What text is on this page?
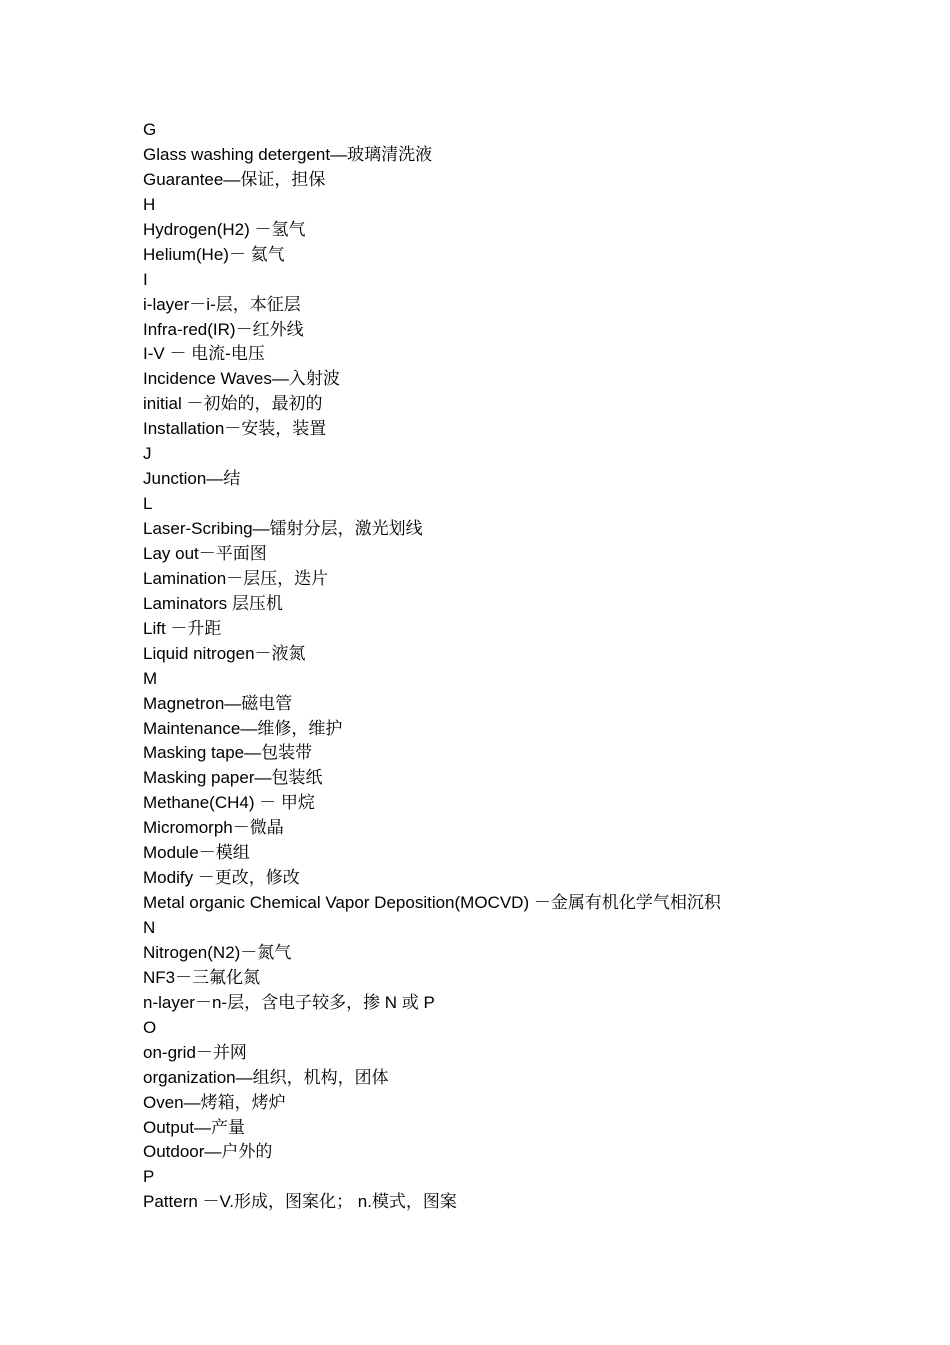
G
Glass washing detergent—玻璃清洗液
Guarantee—保证，担保
H
Hydrogen(H2) －氢气
Helium(He)－ 氦气
I
i-layer－i-层，本征层
Infra-red(IR)－红外线
I-V － 电流-电压
Incidence Waves—入射波
initial －初始的，最初的
Installation－安装，装置
J
Junction—结
L
Laser-Scribing—镭射分层，激光划线
Lay out－平面图
Lamination－层压，迭片
Laminators 层压机
Lift －升距
Liquid nitrogen－液氮
M
Magnetron—磁电管
Maintenance—维修，维护
Masking tape—包装带
Masking paper—包装纸
Methane(CH4) － 甲烷
Micromorph－微晶
Module－模组
Modify －更改，修改
Metal organic Chemical Vapor Deposition(MOCVD) －金属有机化学气相沉积
N
Nitrogen(N2)－氮气
NF3－三氟化氮
n-layer－n-层，含电子较多，掺 N 或 P
O
on-grid－并网
organization—组织，机构，团体
Oven—烤箱，烤炉
Output—产量
Outdoor—户外的
P
Pattern －V.形成，图案化； n.模式，图案
